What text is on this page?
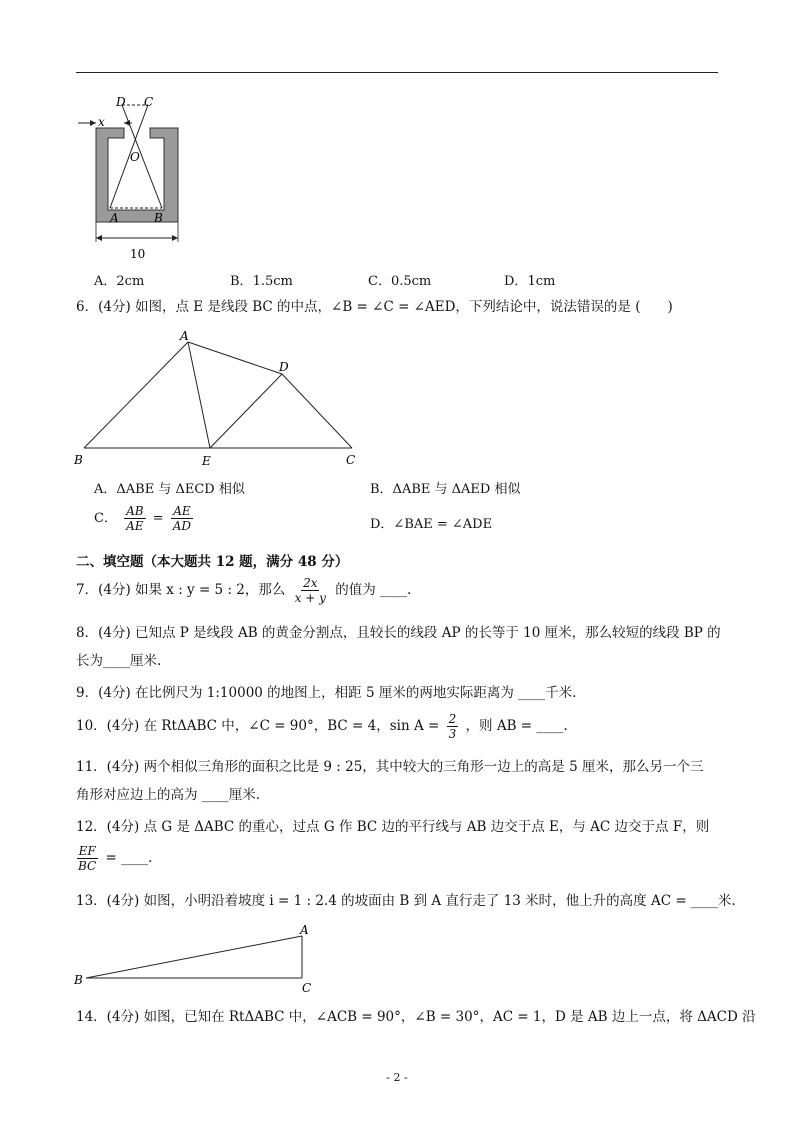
D C
x
O
A	B
10
A．2cm	B．1.5cm	C．0.5cm	D．1cm
6．(4分) 如图，点 E 是线段 BC 的中点，∠B = ∠C = ∠AED，下列结论中，说法错误的是 (　　)
A
D
B	E	C
A．ΔABE 与 ΔECD 相似	B．ΔABE 与 ΔAED 相似
C． $\frac{AB}{AE} = \frac{AE}{AD}$	D．∠BAE = ∠ADE
二、填空题（本大题共 12 题，满分 48 分）
7．(4分) 如果 x : y = 5 : 2，那么 $\frac{2x}{x + y}$ 的值为 ____.
8．(4分) 已知点 P 是线段 AB 的黄金分割点，且较长的线段 AP 的长等于 10 厘米，那么较短的线段 BP 的
长为____厘米.
9．(4分) 在比例尺为 1:10000 的地图上，相距 5 厘米的两地实际距离为 ____千米.
10．(4分) 在 RtΔABC 中，∠C = 90°，BC = 4，$\sin A = \frac{2}{3}$ ，则 AB = ____.
11．(4分) 两个相似三角形的面积之比是 9 : 25，其中较大的三角形一边上的高是 5 厘米，那么另一个三
角形对应边上的高为 ____厘米.
12．(4分) 点 G 是 ΔABC 的重心，过点 G 作 BC 边的平行线与 AB 边交于点 E，与 AC 边交于点 F，则
$\frac{EF}{BC}$ = ____.
13．(4分) 如图，小明沿着坡度 i = 1 : 2.4 的坡面由 B 到 A 直行走了 13 米时，他上升的高度 AC = ____米.
A
B
C
14．(4分) 如图，已知在 RtΔABC 中，∠ACB = 90°，∠B = 30°，AC = 1，D 是 AB 边上一点，将 ΔACD 沿
- 2 -
